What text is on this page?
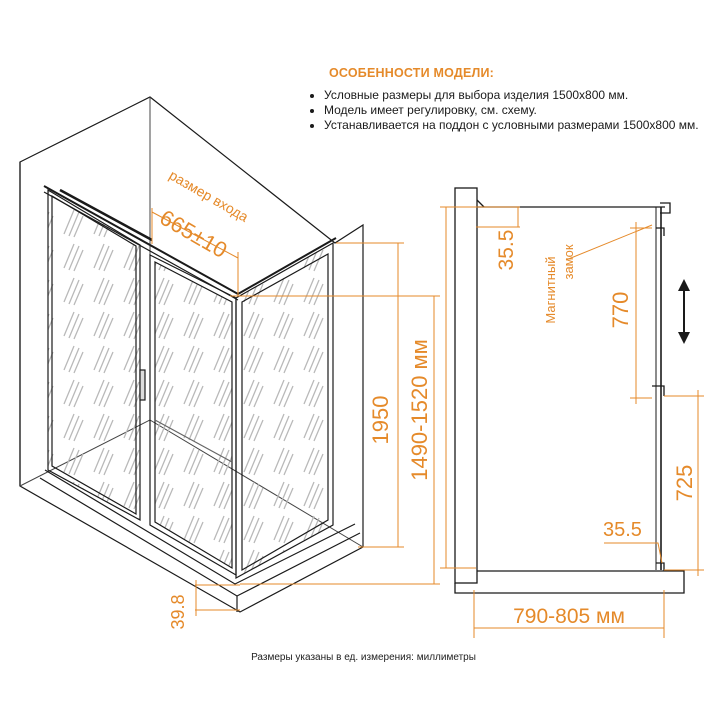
ОСОБЕННОСТИ МОДЕЛИ:
• Условные размеры для выбора изделия 1500х800 мм.
• Модель имеет регулировку, см. схему.
• Устанавливается на поддон с условными размерами 1500х800 мм.
размер входа
665±10
1950 1490-1520 мм
39.8
35.5
Магнитный замок
770
725
35.5
790-805 мм
Размеры указаны в ед. измерения: миллиметры
